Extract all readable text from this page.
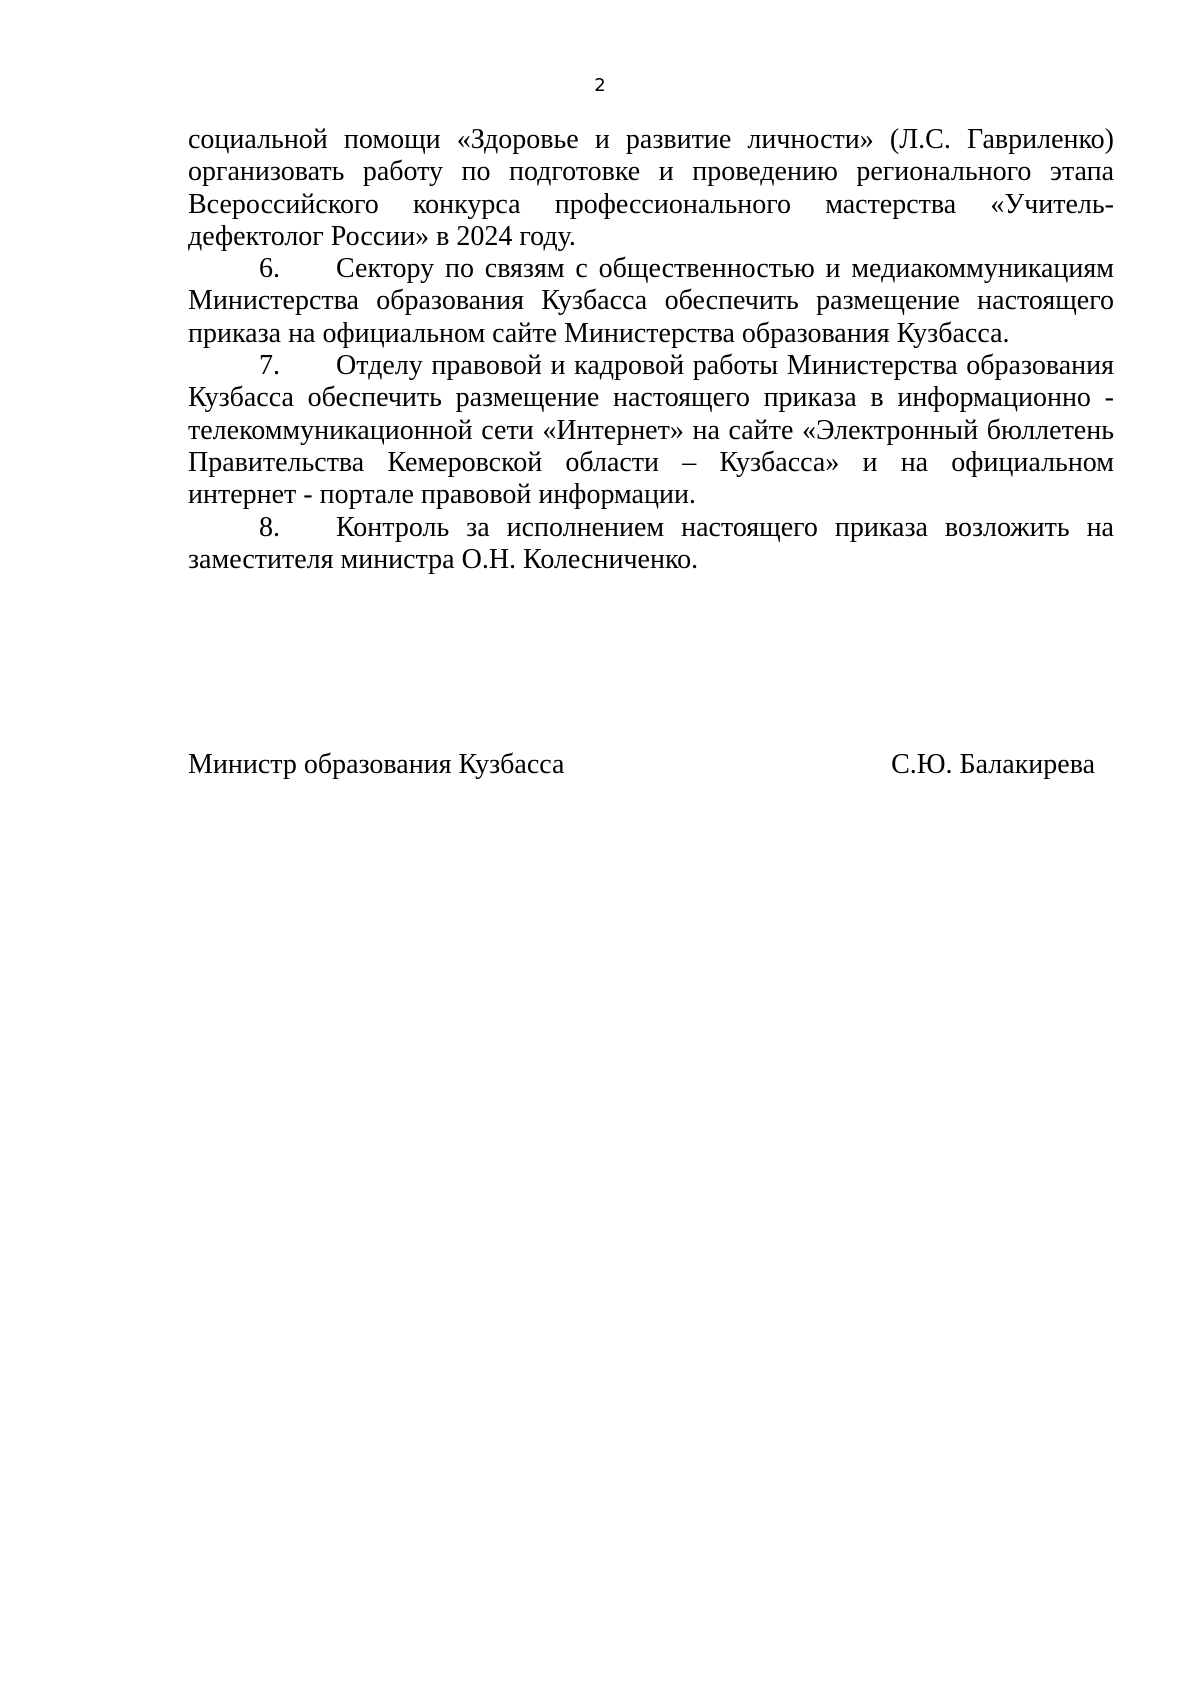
2
социальной помощи «Здоровье и развитие личности» (Л.С. Гавриленко)
организовать работу по подготовке и проведению регионального этапа
Всероссийского конкурса профессионального мастерства «Учитель-
дефектолог России» в 2024 году.
6. Сектору по связям с общественностью и медиакоммуникациям
Министерства образования Кузбасса обеспечить размещение настоящего
приказа на официальном сайте Министерства образования Кузбасса.
7. Отделу правовой и кадровой работы Министерства образования
Кузбасса обеспечить размещение настоящего приказа в информационно -
телекоммуникационной сети «Интернет» на сайте «Электронный бюллетень
Правительства Кемеровской области – Кузбасса» и на официальном
интернет - портале правовой информации.
8. Контроль за исполнением настоящего приказа возложить на
заместителя министра О.Н. Колесниченко.
Министр образования Кузбасса	С.Ю. Балакирева
